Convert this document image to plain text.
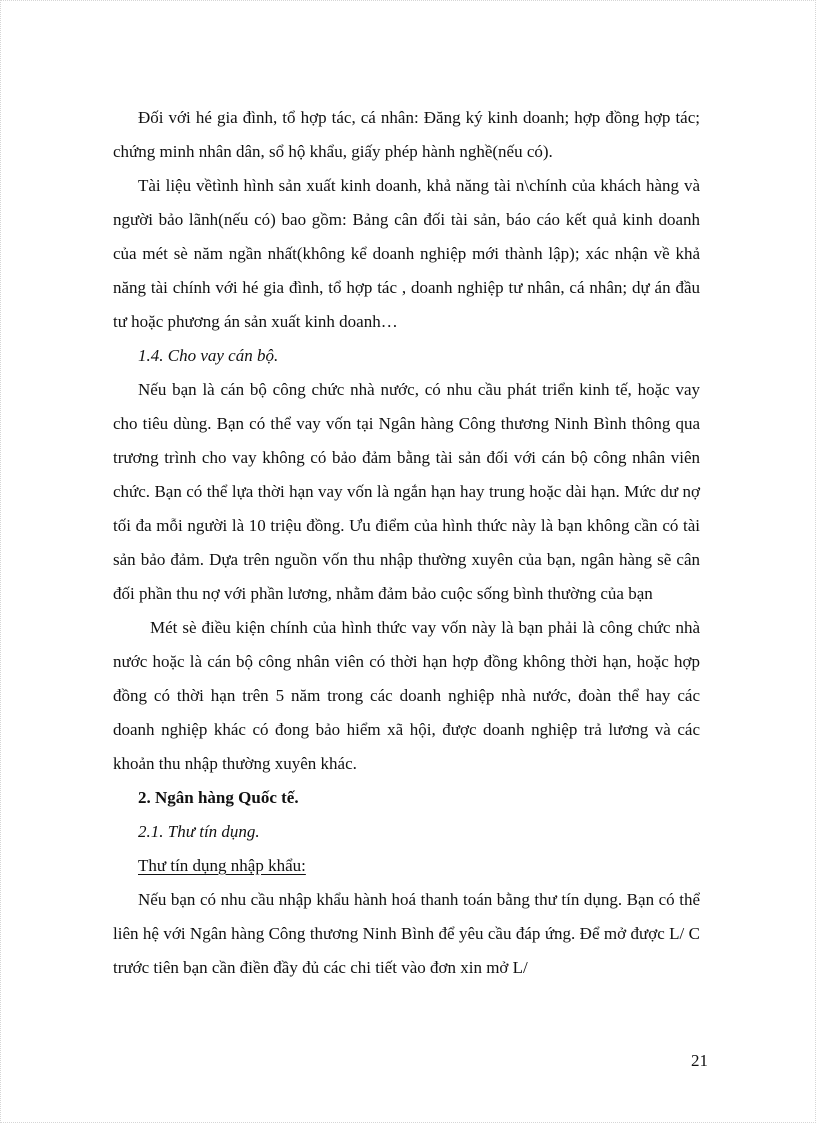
Đối với hé gia đình, tổ hợp tác, cá nhân: Đăng ký kinh doanh; hợp đồng hợp tác; chứng minh nhân dân, sổ hộ khẩu, giấy phép hành nghề(nếu có).

Tài liệu vềtình hình sản xuất kinh doanh, khả năng tài n\chính của khách hàng và người bảo lãnh(nếu có) bao gồm: Bảng cân đối tài sản, báo cáo kết quả kinh doanh của mét sè năm ngần nhất(không kể doanh nghiệp mới thành lập); xác nhận về khả năng tài chính với hé gia đình, tổ hợp tác , doanh nghiệp tư nhân, cá nhân; dự án đầu tư hoặc phương án sản xuất kinh doanh…

1.4. Cho vay cán bộ.

Nếu bạn là cán bộ công chức nhà nước, có nhu cầu phát triển kinh tế, hoặc vay cho tiêu dùng. Bạn có thể vay vốn tại Ngân hàng Công thương Ninh Bình thông qua trương trình cho vay không có bảo đảm bằng tài sản đối với cán bộ công nhân viên chức. Bạn có thể lựa thời hạn vay vốn là ngắn hạn hay trung hoặc dài hạn. Mức dư nợ tối đa mỗi người là 10 triệu đồng. Ưu điểm của hình thức này là bạn không cần có tài sản bảo đảm. Dựa trên nguồn vốn thu nhập thường xuyên của bạn, ngân hàng sẽ cân đối phần thu nợ với phần lương, nhằm đảm bảo cuộc sống bình thường của bạn

Mét sè điều kiện chính của hình thức vay vốn này là bạn phải là công chức nhà nước hoặc là cán bộ công nhân viên có thời hạn hợp đồng không thời hạn, hoặc hợp đồng có thời hạn trên 5 năm trong các doanh nghiệp nhà nước, đoàn thể hay các doanh nghiệp khác có đong bảo hiểm xã hội, được doanh nghiệp trả lương và các khoản thu nhập thường xuyên khác.

2. Ngân hàng Quốc tế.

2.1. Thư tín dụng.

Thư tín dụng nhập khẩu:

Nếu bạn có nhu cầu nhập khẩu hành hoá thanh toán bằng thư tín dụng. Bạn có thể liên hệ với Ngân hàng Công thương Ninh Bình để yêu cầu đáp ứng. Để mở được L/ C trước tiên bạn cần điền đầy đủ các chi tiết vào đơn xin mở L/

21
